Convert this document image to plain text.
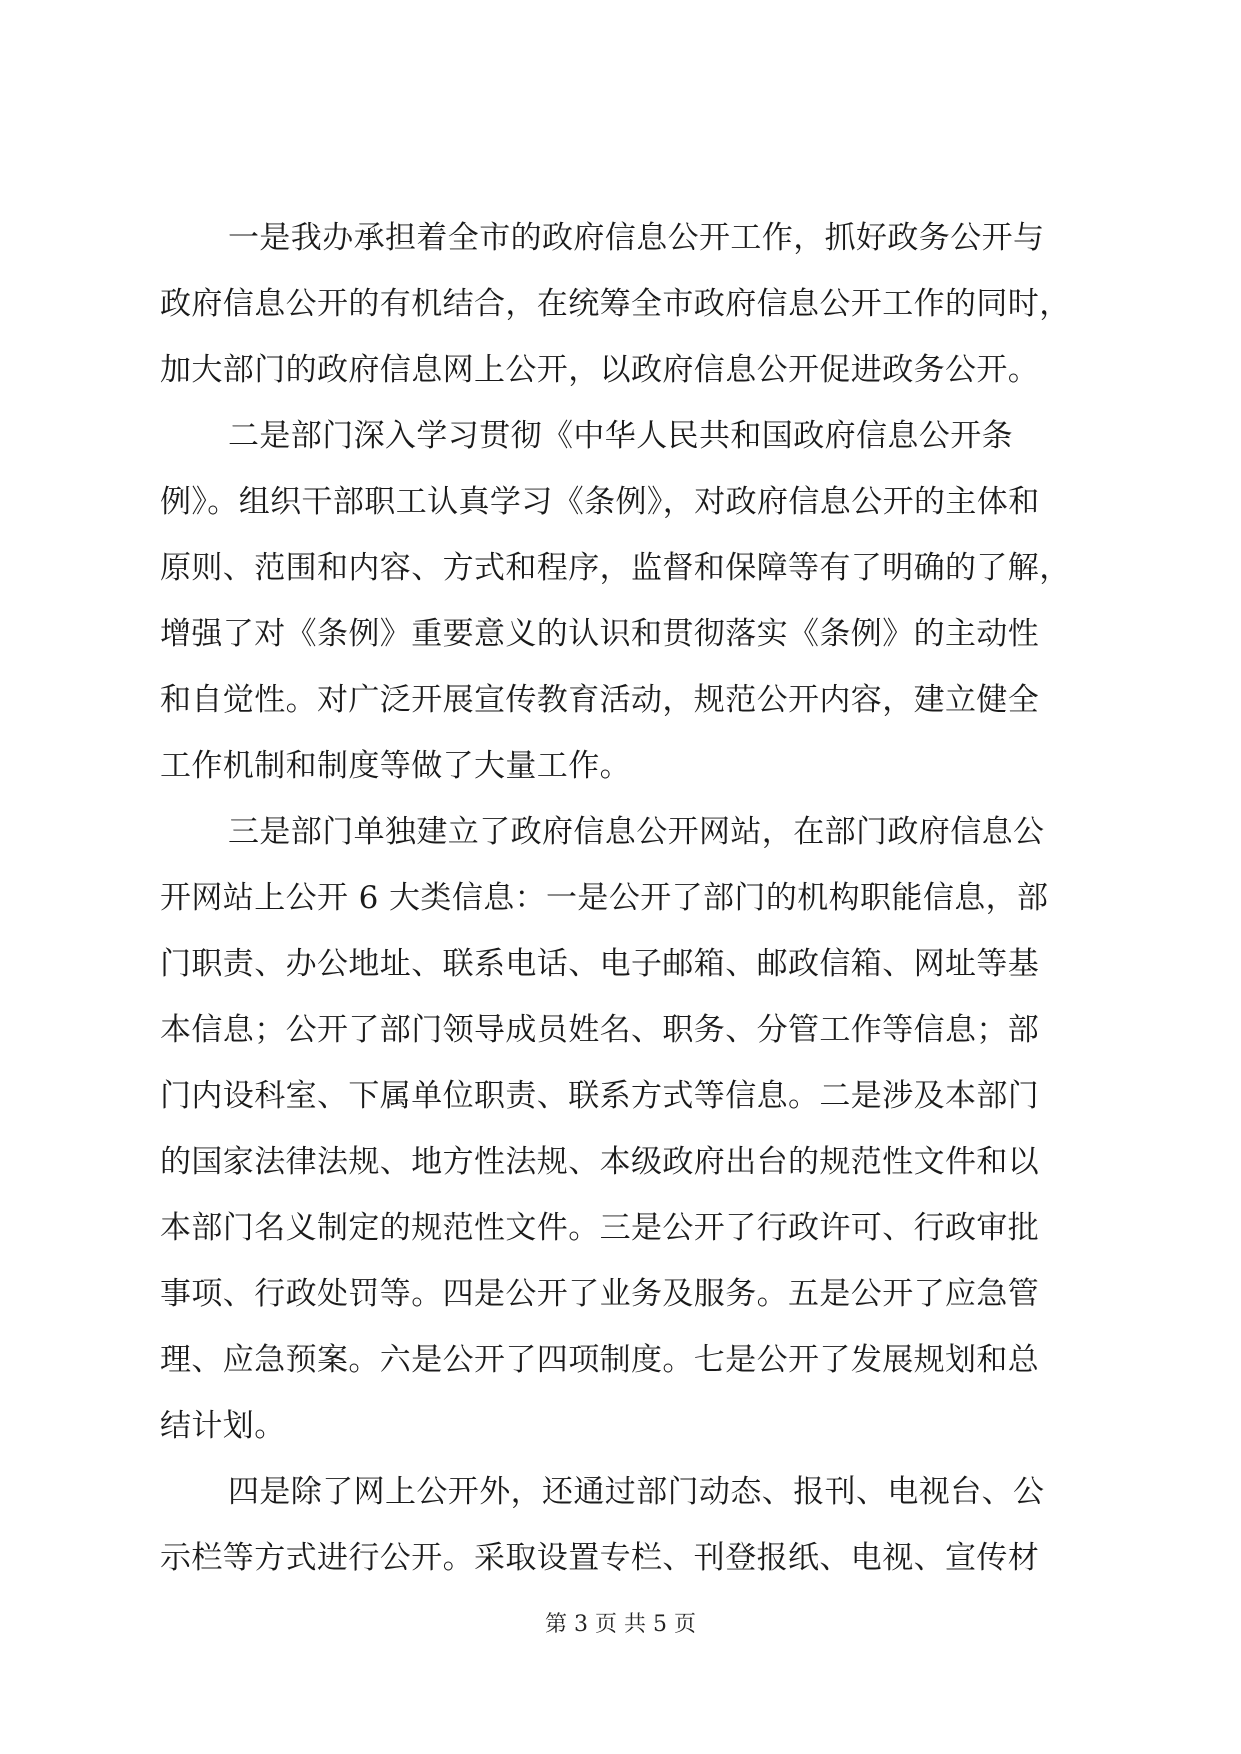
一是我办承担着全市的政府信息公开工作，抓好政务公开与
政府信息公开的有机结合，在统筹全市政府信息公开工作的同时，
加大部门的政府信息网上公开，以政府信息公开促进政务公开。
二是部门深入学习贯彻《中华人民共和国政府信息公开条
例》。组织干部职工认真学习《条例》，对政府信息公开的主体和
原则、范围和内容、方式和程序，监督和保障等有了明确的了解，
增强了对《条例》重要意义的认识和贯彻落实《条例》的主动性
和自觉性。对广泛开展宣传教育活动，规范公开内容，建立健全
工作机制和制度等做了大量工作。
三是部门单独建立了政府信息公开网站，在部门政府信息公
开网站上公开 6 大类信息：一是公开了部门的机构职能信息，部
门职责、办公地址、联系电话、电子邮箱、邮政信箱、网址等基
本信息；公开了部门领导成员姓名、职务、分管工作等信息；部
门内设科室、下属单位职责、联系方式等信息。二是涉及本部门
的国家法律法规、地方性法规、本级政府出台的规范性文件和以
本部门名义制定的规范性文件。三是公开了行政许可、行政审批
事项、行政处罚等。四是公开了业务及服务。五是公开了应急管
理、应急预案。六是公开了四项制度。七是公开了发展规划和总
结计划。
四是除了网上公开外，还通过部门动态、报刊、电视台、公
示栏等方式进行公开。采取设置专栏、刊登报纸、电视、宣传材
第 3 页 共 5 页
